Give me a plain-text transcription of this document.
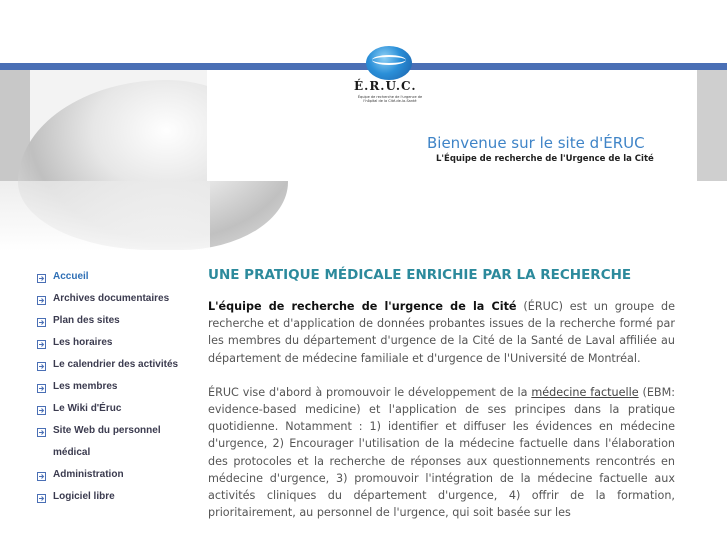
É.R.U.C.
Équipe de recherche de l'urgence de l'hôpital de la Cité-de-la-Santé
Bienvenue sur le site d'ÉRUC
L'Équipe de recherche de l'Urgence de la Cité
Accueil
Archives documentaires
Plan des sites
Les horaires
Le calendrier des activités
Les membres
Le Wiki d'Éruc
Site Web du personnel médical
Administration
Logiciel libre
UNE PRATIQUE MÉDICALE ENRICHIE PAR LA RECHERCHE

L'équipe de recherche de l'urgence de la Cité (ÉRUC) est un groupe de recherche et d'application de données probantes issues de la recherche formé par les membres du département d'urgence de la Cité de la Santé de Laval affiliée au département de médecine familiale et d'urgence de l'Université de Montréal.

ÉRUC vise d'abord à promouvoir le développement de la médecine factuelle (EBM: evidence-based medicine) et l'application de ses principes dans la pratique quotidienne. Notamment : 1) identifier et diffuser les évidences en médecine d'urgence, 2) Encourager l'utilisation de la médecine factuelle dans l'élaboration des protocoles et la recherche de réponses aux questionnements rencontrés en médecine d'urgence, 3) promouvoir l'intégration de la médecine factuelle aux activités cliniques du département d'urgence, 4) offrir de la formation, prioritairement, au personnel de l'urgence, qui soit basée sur les
